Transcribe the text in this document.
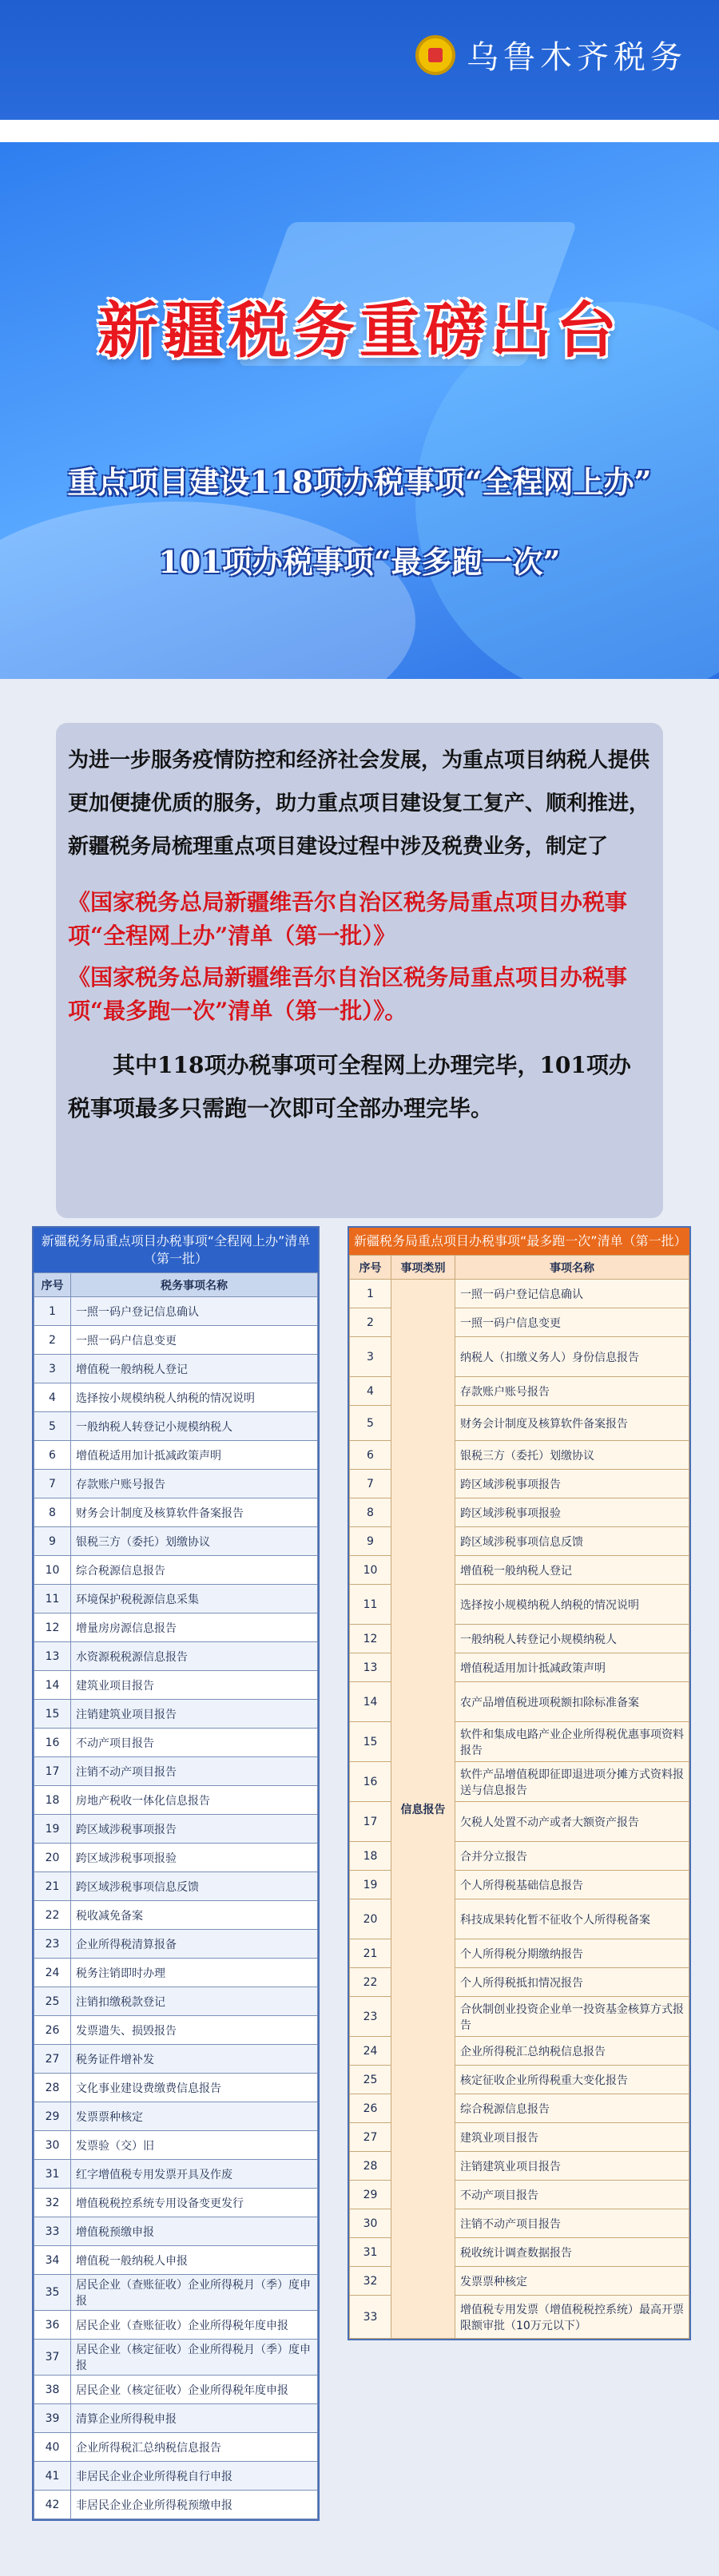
乌鲁木齐税务
新疆税务重磅出台
重点项目建设118项办税事项“全程网上办”
101项办税事项“最多跑一次”

为进一步服务疫情防控和经济社会发展，为重点项目纳税人提供更加便捷优质的服务，助力重点项目建设复工复产、顺利推进，新疆税务局梳理重点项目建设过程中涉及税费业务，制定了

《国家税务总局新疆维吾尔自治区税务局重点项目办税事项“全程网上办”清单（第一批）》

《国家税务总局新疆维吾尔自治区税务局重点项目办税事项“最多跑一次”清单（第一批）》。

其中118项办税事项可全程网上办理完毕，101项办税事项最多只需跑一次即可全部办理完毕。

新疆税务局重点项目办税事项“全程网上办”清单（第一批）
序号	税务事项名称
1	一照一码户登记信息确认
2	一照一码户信息变更
3	增值税一般纳税人登记
4	选择按小规模纳税人纳税的情况说明
5	一般纳税人转登记小规模纳税人
6	增值税适用加计抵减政策声明
7	存款账户账号报告
8	财务会计制度及核算软件备案报告
9	银税三方（委托）划缴协议
10	综合税源信息报告
11	环境保护税税源信息采集
12	增量房房源信息报告
13	水资源税税源信息报告
14	建筑业项目报告
15	注销建筑业项目报告
16	不动产项目报告
17	注销不动产项目报告
18	房地产税收一体化信息报告
19	跨区域涉税事项报告
20	跨区域涉税事项报验
21	跨区域涉税事项信息反馈
22	税收减免备案
23	企业所得税清算报备
24	税务注销即时办理
25	注销扣缴税款登记
26	发票遗失、损毁报告
27	税务证件增补发
28	文化事业建设费缴费信息报告
29	发票票种核定
30	发票验（交）旧
31	红字增值税专用发票开具及作废
32	增值税税控系统专用设备变更发行
33	增值税预缴申报
34	增值税一般纳税人申报
35	居民企业（查账征收）企业所得税月（季）度申报
36	居民企业（查账征收）企业所得税年度申报
37	居民企业（核定征收）企业所得税月（季）度申报
38	居民企业（核定征收）企业所得税年度申报
39	清算企业所得税申报
40	企业所得税汇总纳税信息报告
41	非居民企业企业所得税自行申报
42	非居民企业企业所得税预缴申报
新疆税务局重点项目办税事项“最多跑一次”清单（第一批）
序号	事项类别	事项名称
1	信息报告	一照一码户登记信息确认
2		一照一码户信息变更
3		纳税人（扣缴义务人）身份信息报告
4		存款账户账号报告
5		财务会计制度及核算软件备案报告
6		银税三方（委托）划缴协议
7		跨区域涉税事项报告
8		跨区域涉税事项报验
9		跨区域涉税事项信息反馈
10		增值税一般纳税人登记
11		选择按小规模纳税人纳税的情况说明
12		一般纳税人转登记小规模纳税人
13		增值税适用加计抵减政策声明
14		农产品增值税进项税额扣除标准备案
15		软件和集成电路产业企业所得税优惠事项资料报告
16		软件产品增值税即征即退进项分摊方式资料报送与信息报告
17		欠税人处置不动产或者大额资产报告
18		合并分立报告
19		个人所得税基础信息报告
20		科技成果转化暂不征收个人所得税备案
21		个人所得税分期缴纳报告
22		个人所得税抵扣情况报告
23		合伙制创业投资企业单一投资基金核算方式报告
24		企业所得税汇总纳税信息报告
25		核定征收企业所得税重大变化报告
26		综合税源信息报告
27		建筑业项目报告
28		注销建筑业项目报告
29		不动产项目报告
30		注销不动产项目报告
31		税收统计调查数据报告
32		发票票种核定
33		增值税专用发票（增值税税控系统）最高开票限额审批（10万元以下）
